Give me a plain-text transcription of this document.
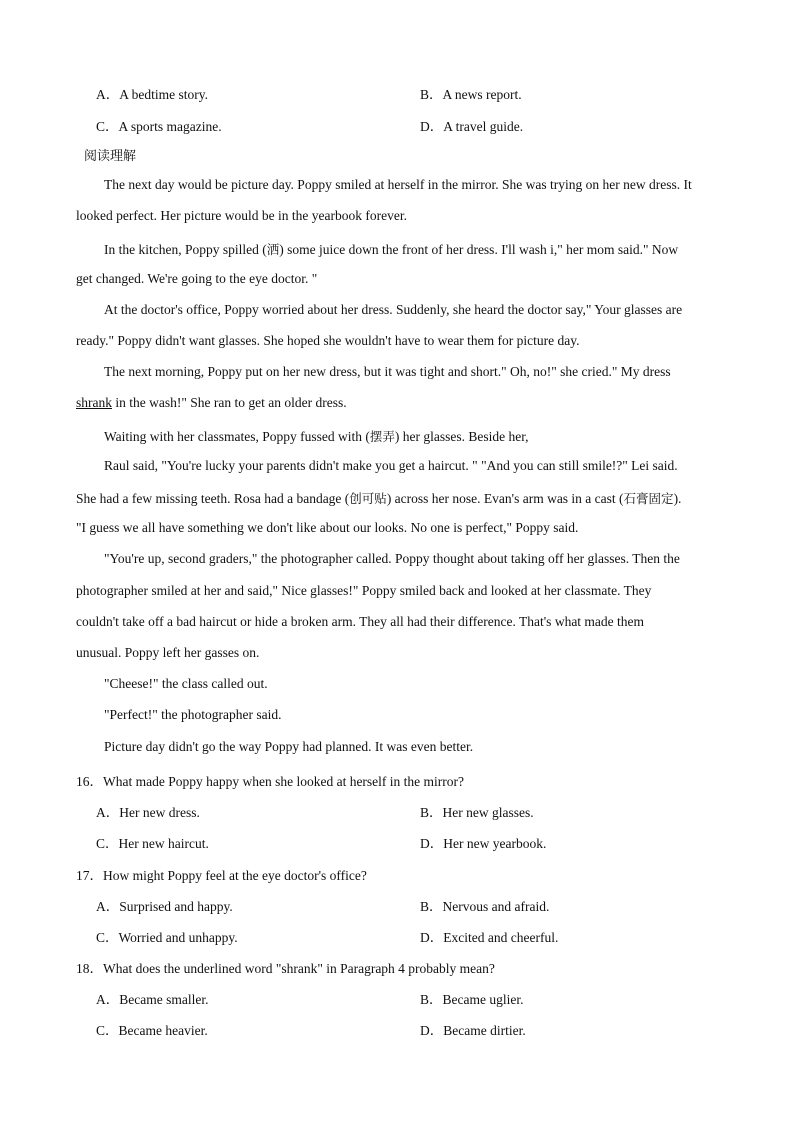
A．A bedtime story.	B．A news report.
C．A sports magazine.	D．A travel guide.
阅读理解
The next day would be picture day. Poppy smiled at herself in the mirror. She was trying on her new dress. It
looked perfect. Her picture would be in the yearbook forever.
In the kitchen, Poppy spilled (洒) some juice down the front of her dress. I'll wash i," her mom said." Now
get changed. We're going to the eye doctor. "
At the doctor's office, Poppy worried about her dress. Suddenly, she heard the doctor say," Your glasses are
ready." Poppy didn't want glasses. She hoped she wouldn't have to wear them for picture day.
The next morning, Poppy put on her new dress, but it was tight and short." Oh, no!" she cried." My dress
shrank in the wash!" She ran to get an older dress.
Waiting with her classmates, Poppy fussed with (摆弄) her glasses. Beside her,
Raul said, "You're lucky your parents didn't make you get a haircut. " "And you can still smile!?" Lei said.
She had a few missing teeth. Rosa had a bandage (创可贴) across her nose. Evan's arm was in a cast (石膏固定).
"I guess we all have something we don't like about our looks. No one is perfect," Poppy said.
"You're up, second graders," the photographer called. Poppy thought about taking off her glasses. Then the
photographer smiled at her and said," Nice glasses!" Poppy smiled back and looked at her classmate. They
couldn't take off a bad haircut or hide a broken arm. They all had their difference. That's what made them
unusual. Poppy left her gasses on.
"Cheese!" the class called out.
"Perfect!" the photographer said.
Picture day didn't go the way Poppy had planned. It was even better.
16．What made Poppy happy when she looked at herself in the mirror?
A．Her new dress.	B．Her new glasses.
C．Her new haircut.	D．Her new yearbook.
17．How might Poppy feel at the eye doctor's office?
A．Surprised and happy.	B．Nervous and afraid.
C．Worried and unhappy.	D．Excited and cheerful.
18．What does the underlined word "shrank" in Paragraph 4 probably mean?
A．Became smaller.	B．Became uglier.
C．Became heavier.	D．Became dirtier.
